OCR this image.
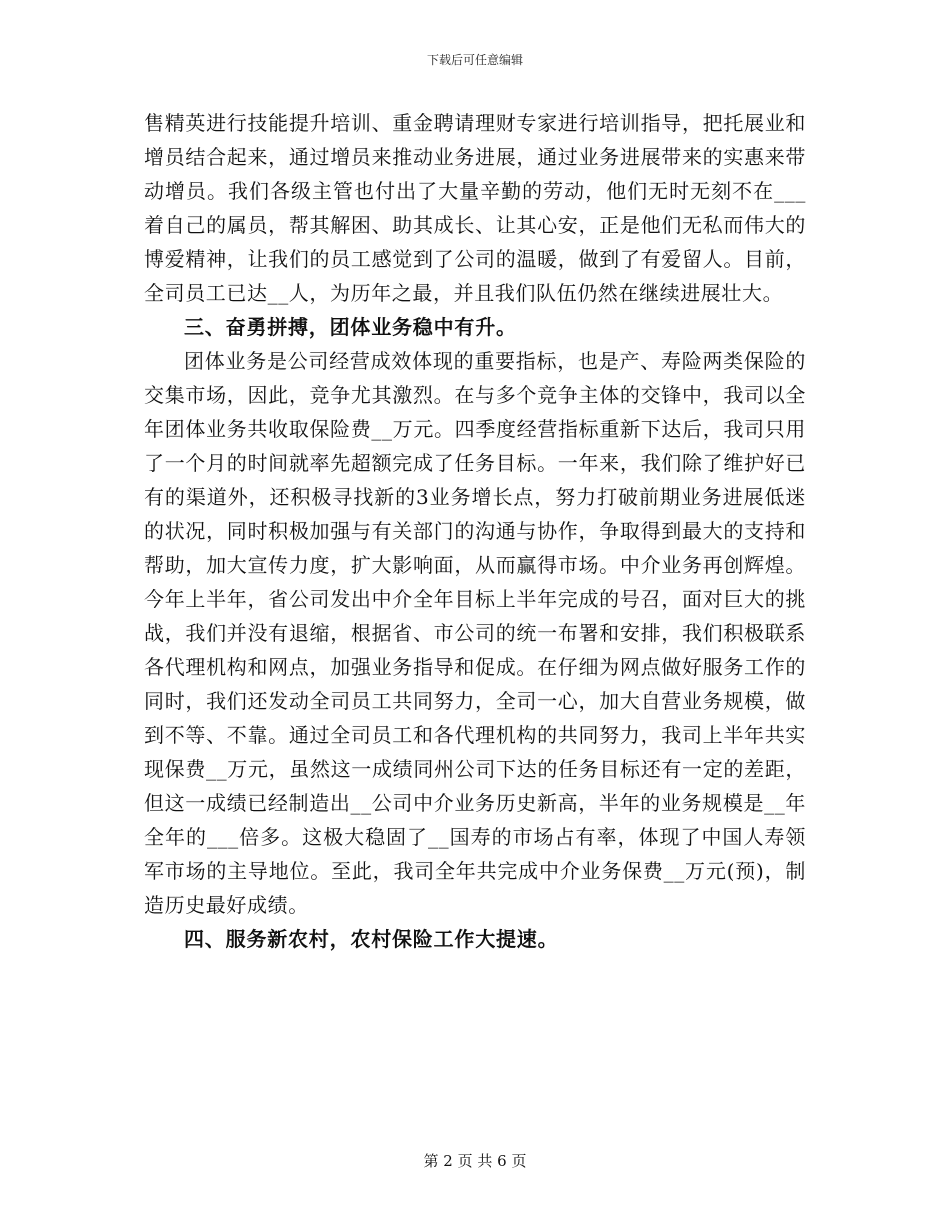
下载后可任意编辑

售精英进行技能提升培训、重金聘请理财专家进行培训指导，把托展业和增员结合起来，通过增员来推动业务进展，通过业务进展带来的实惠来带动增员。我们各级主管也付出了大量辛勤的劳动，他们无时无刻不在___着自己的属员，帮其解困、助其成长、让其心安，正是他们无私而伟大的博爱精神，让我们的员工感觉到了公司的温暖，做到了有爱留人。目前，全司员工已达__人，为历年之最，并且我们队伍仍然在继续进展壮大。

三、奋勇拼搏，团体业务稳中有升。

团体业务是公司经营成效体现的重要指标，也是产、寿险两类保险的交集市场，因此，竞争尤其激烈。在与多个竞争主体的交锋中，我司以全年团体业务共收取保险费__万元。四季度经营指标重新下达后，我司只用了一个月的时间就率先超额完成了任务目标。一年来，我们除了维护好已有的渠道外，还积极寻找新的3业务增长点，努力打破前期业务进展低迷的状况，同时积极加强与有关部门的沟通与协作，争取得到最大的支持和帮助，加大宣传力度，扩大影响面，从而赢得市场。中介业务再创辉煌。今年上半年，省公司发出中介全年目标上半年完成的号召，面对巨大的挑战，我们并没有退缩，根据省、市公司的统一布署和安排，我们积极联系各代理机构和网点，加强业务指导和促成。在仔细为网点做好服务工作的同时，我们还发动全司员工共同努力，全司一心，加大自营业务规模，做到不等、不靠。通过全司员工和各代理机构的共同努力，我司上半年共实现保费__万元，虽然这一成绩同州公司下达的任务目标还有一定的差距，但这一成绩已经制造出__公司中介业务历史新高，半年的业务规模是__年全年的___倍多。这极大稳固了__国寿的市场占有率，体现了中国人寿领军市场的主导地位。至此，我司全年共完成中介业务保费__万元(预)，制造历史最好成绩。

四、服务新农村，农村保险工作大提速。

第 2 页 共 6 页
